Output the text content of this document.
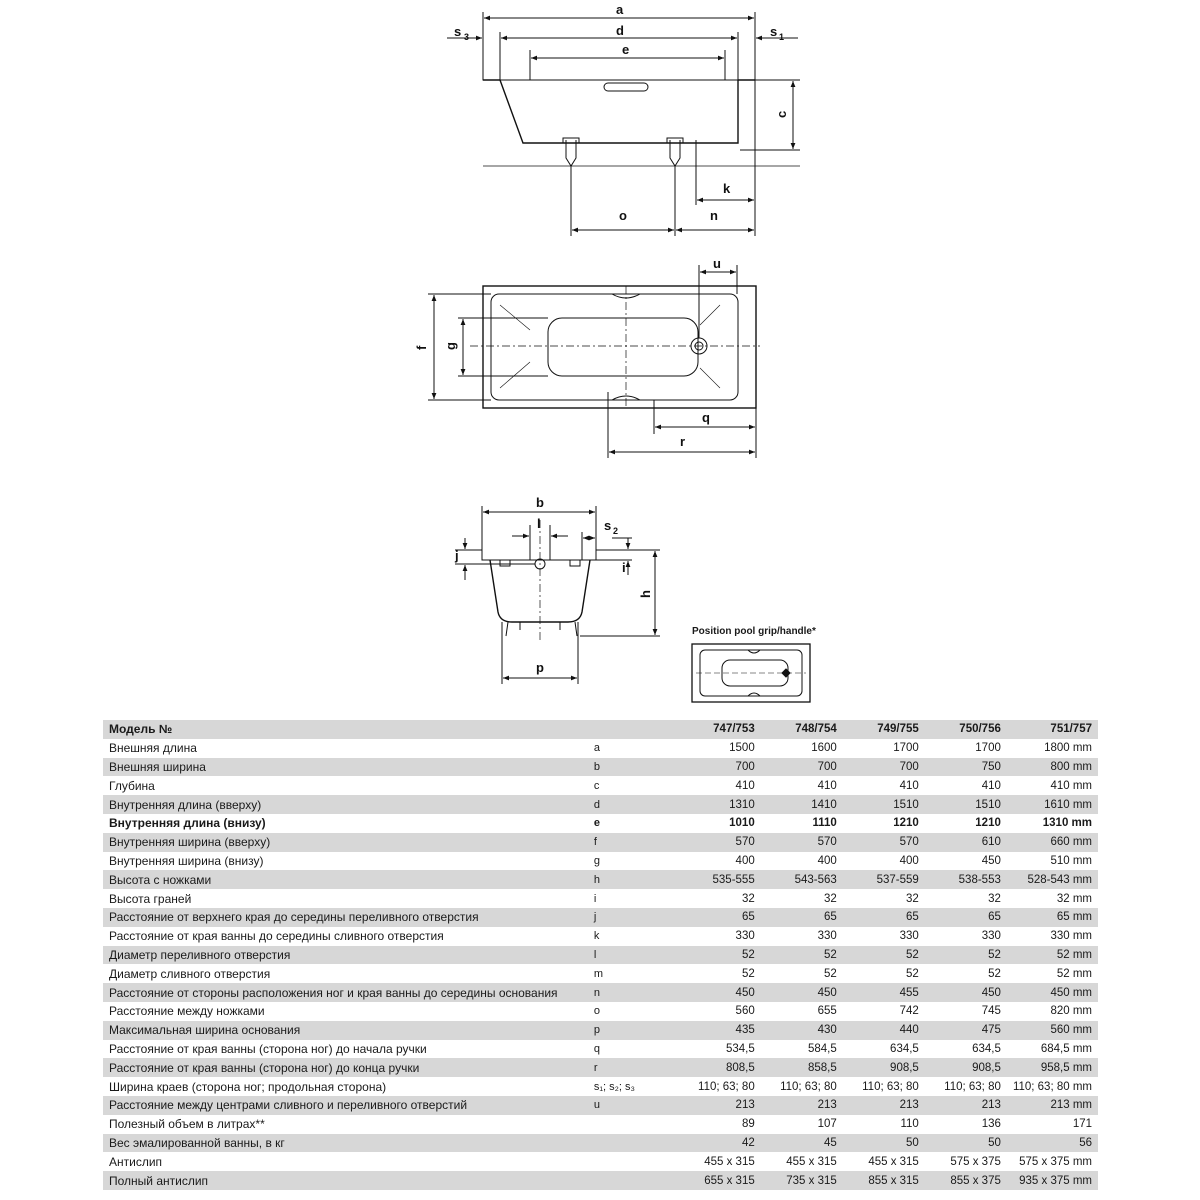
a
d
e
s 3	s 1
c
k
o	n
u
f g
q
r
b
l	s 2
j
i
h
p
Position pool grip/handle*
Модель №		747/753	748/754	749/755	750/756	751/757
Внешняя длина	a	1500	1600	1700	1700	1800 mm
Внешняя ширина	b	700	700	700	750	800 mm
Глубина	c	410	410	410	410	410 mm
Внутренняя длина (вверху)	d	1310	1410	1510	1510	1610 mm
Внутренняя длина (внизу)	e	1010	1110	1210	1210	1310 mm
Внутренняя ширина (вверху)	f	570	570	570	610	660 mm
Внутренняя ширина (внизу)	g	400	400	400	450	510 mm
Высота с ножками	h	535-555	543-563	537-559	538-553	528-543 mm
Высота граней	i	32	32	32	32	32 mm
Расстояние от верхнего края до середины переливного отверстия	j	65	65	65	65	65 mm
Расстояние от края ванны до середины сливного отверстия	k	330	330	330	330	330 mm
Диаметр переливного отверстия	l	52	52	52	52	52 mm
Диаметр сливного отверстия	m	52	52	52	52	52 mm
Расстояние от стороны расположения ног и края ванны до середины основания	n	450	450	455	450	450 mm
Расстояние между ножками	o	560	655	742	745	820 mm
Максимальная ширина основания	p	435	430	440	475	560 mm
Расстояние от края ванны (сторона ног) до начала ручки	q	534,5	584,5	634,5	634,5	684,5 mm
Расстояние от края ванны (сторона ног) до конца ручки	r	808,5	858,5	908,5	908,5	958,5 mm
Ширина краев (сторона ног; продольная сторона)	s₁; s₂; s₃	110; 63; 80	110; 63; 80	110; 63; 80	110; 63; 80	110; 63; 80 mm
Расстояние между центрами сливного и переливного отверстий	u	213	213	213	213	213 mm
Полезный объем в литрах**		89	107	110	136	171
Вес эмалированной ванны, в кг		42	45	50	50	56
Антислип		455 x 315	455 x 315	455 x 315	575 x 375	575 x 375 mm
Полный антислип		655 x 315	735 x 315	855 x 315	855 x 375	935 x 375 mm
